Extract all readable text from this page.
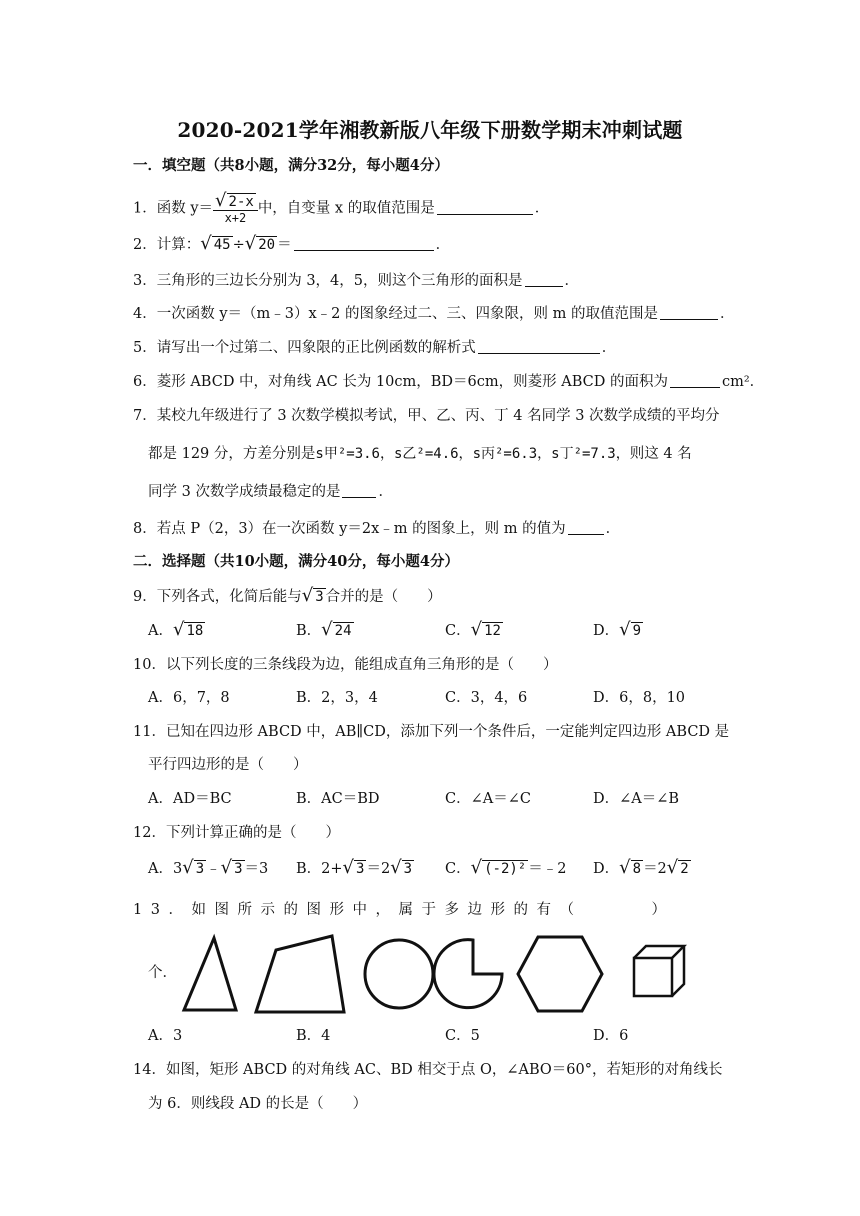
2020-2021学年湘教新版八年级下册数学期末冲刺试题
一．填空题（共8小题，满分32分，每小题4分）
1．函数 $y= \frac{√ 2-x}{x+2}$ 中，自变量 x 的取值范围是	．
2．计算： √ 45 ÷ √ 20 ＝	．
3．三角形的三边长分别为 3，4，5，则这个三角形的面积是	．
4．一次函数 y＝（m﹣3）x﹣2 的图象经过二、三、四象限，则 m 的取值范围是	．
5．请写出一个过第二、四象限的正比例函数的解析式	．
6．菱形 ABCD 中，对角线 AC 长为 10cm，BD＝6cm，则菱形 ABCD 的面积为	cm²．
7．某校九年级进行了 3 次数学模拟考试，甲、乙、丙、丁 4 名同学 3 次数学成绩的平均分
都是 129 分，方差分别是s甲²=3.6，s乙²=4.6，s丙²=6.3，s丁²=7.3，则这 4 名
同学 3 次数学成绩最稳定的是	．
8．若点 P（2，3）在一次函数 y＝2x﹣m 的图象上，则 m 的值为	．
二．选择题（共10小题，满分40分，每小题4分）
9．下列各式，化简后能与 √ 3 合并的是（　　）
A． √ 18	B． √ 24	C． √ 12	D． √ 9
10．以下列长度的三条线段为边，能组成直角三角形的是（　　）
A．6，7，8	B．2，3，4	C．3，4，6	D．6，8，10
11．已知在四边形 ABCD 中，AB∥CD，添加下列一个条件后，一定能判定四边形 ABCD 是
平行四边形的是（　　）
A．AD＝BC	B．AC＝BD	C．∠A＝∠C	D．∠A＝∠B
12．下列计算正确的是（　　）
A．3 √ 3 ﹣ √ 3 ＝3 B．2+ √ 3 ＝2 √ 3 C． √ (-2)² ＝﹣2 D． √ 8 ＝2 √ 2
13．如图所示的图形中，属于多边形的有（　　　）
个．
A．3	B．4	C．5	D．6
14．如图，矩形 ABCD 的对角线 AC、BD 相交于点 O，∠ABO＝60°，若矩形的对角线长
为 6．则线段 AD 的长是（　　）
